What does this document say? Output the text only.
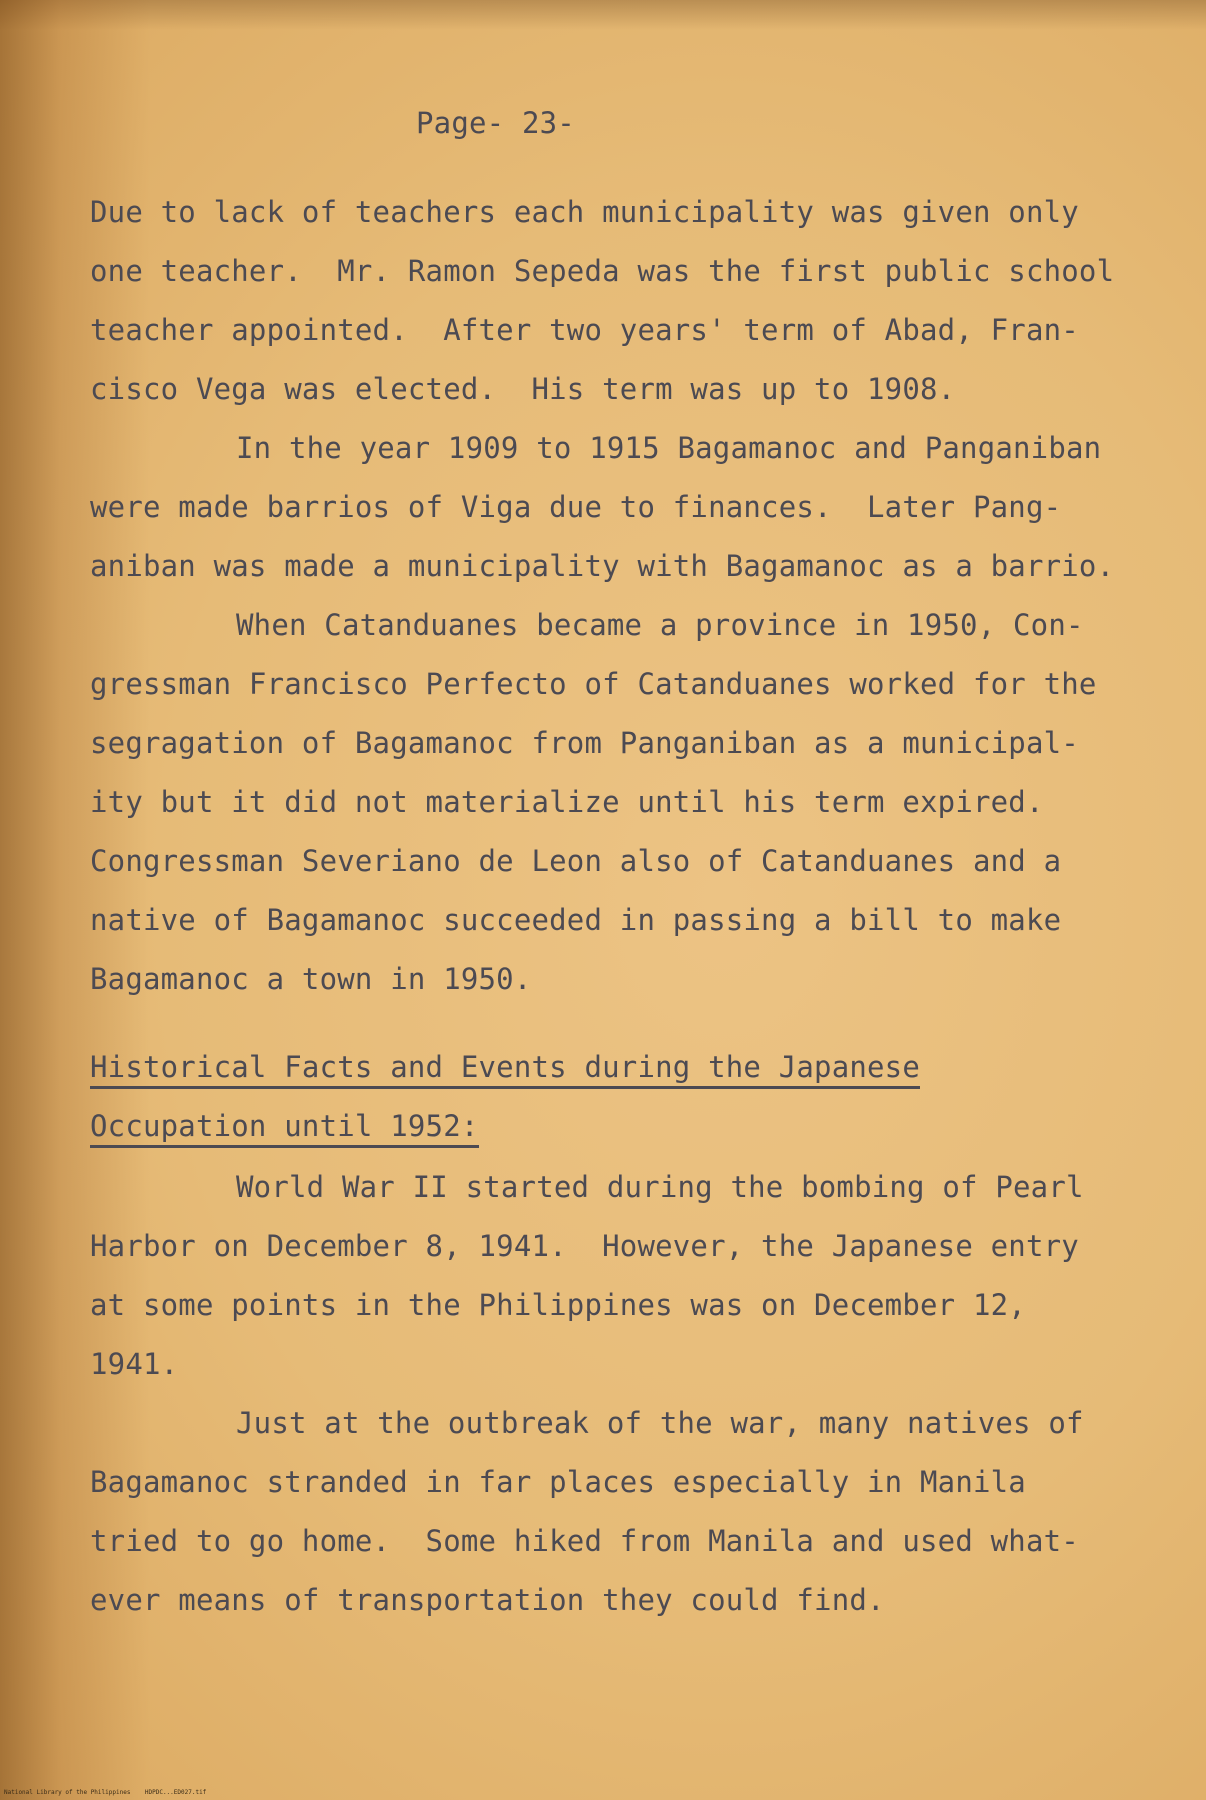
Page- 23-

Due to lack of teachers each municipality was given only

one teacher.  Mr. Ramon Sepeda was the first public school

teacher appointed.  After two years' term of Abad, Fran-

cisco Vega was elected.  His term was up to 1908.

In the year 1909 to 1915 Bagamanoc and Panganiban

were made barrios of Viga due to finances.  Later Pang-

aniban was made a municipality with Bagamanoc as a barrio.

When Catanduanes became a province in 1950, Con-

gressman Francisco Perfecto of Catanduanes worked for the

segragation of Bagamanoc from Panganiban as a municipal-

ity but it did not materialize until his term expired.

Congressman Severiano de Leon also of Catanduanes and a

native of Bagamanoc succeeded in passing a bill to make

Bagamanoc a town in 1950.

Historical Facts and Events during the Japanese

Occupation until 1952:

World War II started during the bombing of Pearl

Harbor on December 8, 1941.  However, the Japanese entry

at some points in the Philippines was on December 12,

1941.

Just at the outbreak of the war, many natives of

Bagamanoc stranded in far places especially in Manila

tried to go home.  Some hiked from Manila and used what-

ever means of transportation they could find.

National Library of the Philippines    HDPDC...ED027.tif
